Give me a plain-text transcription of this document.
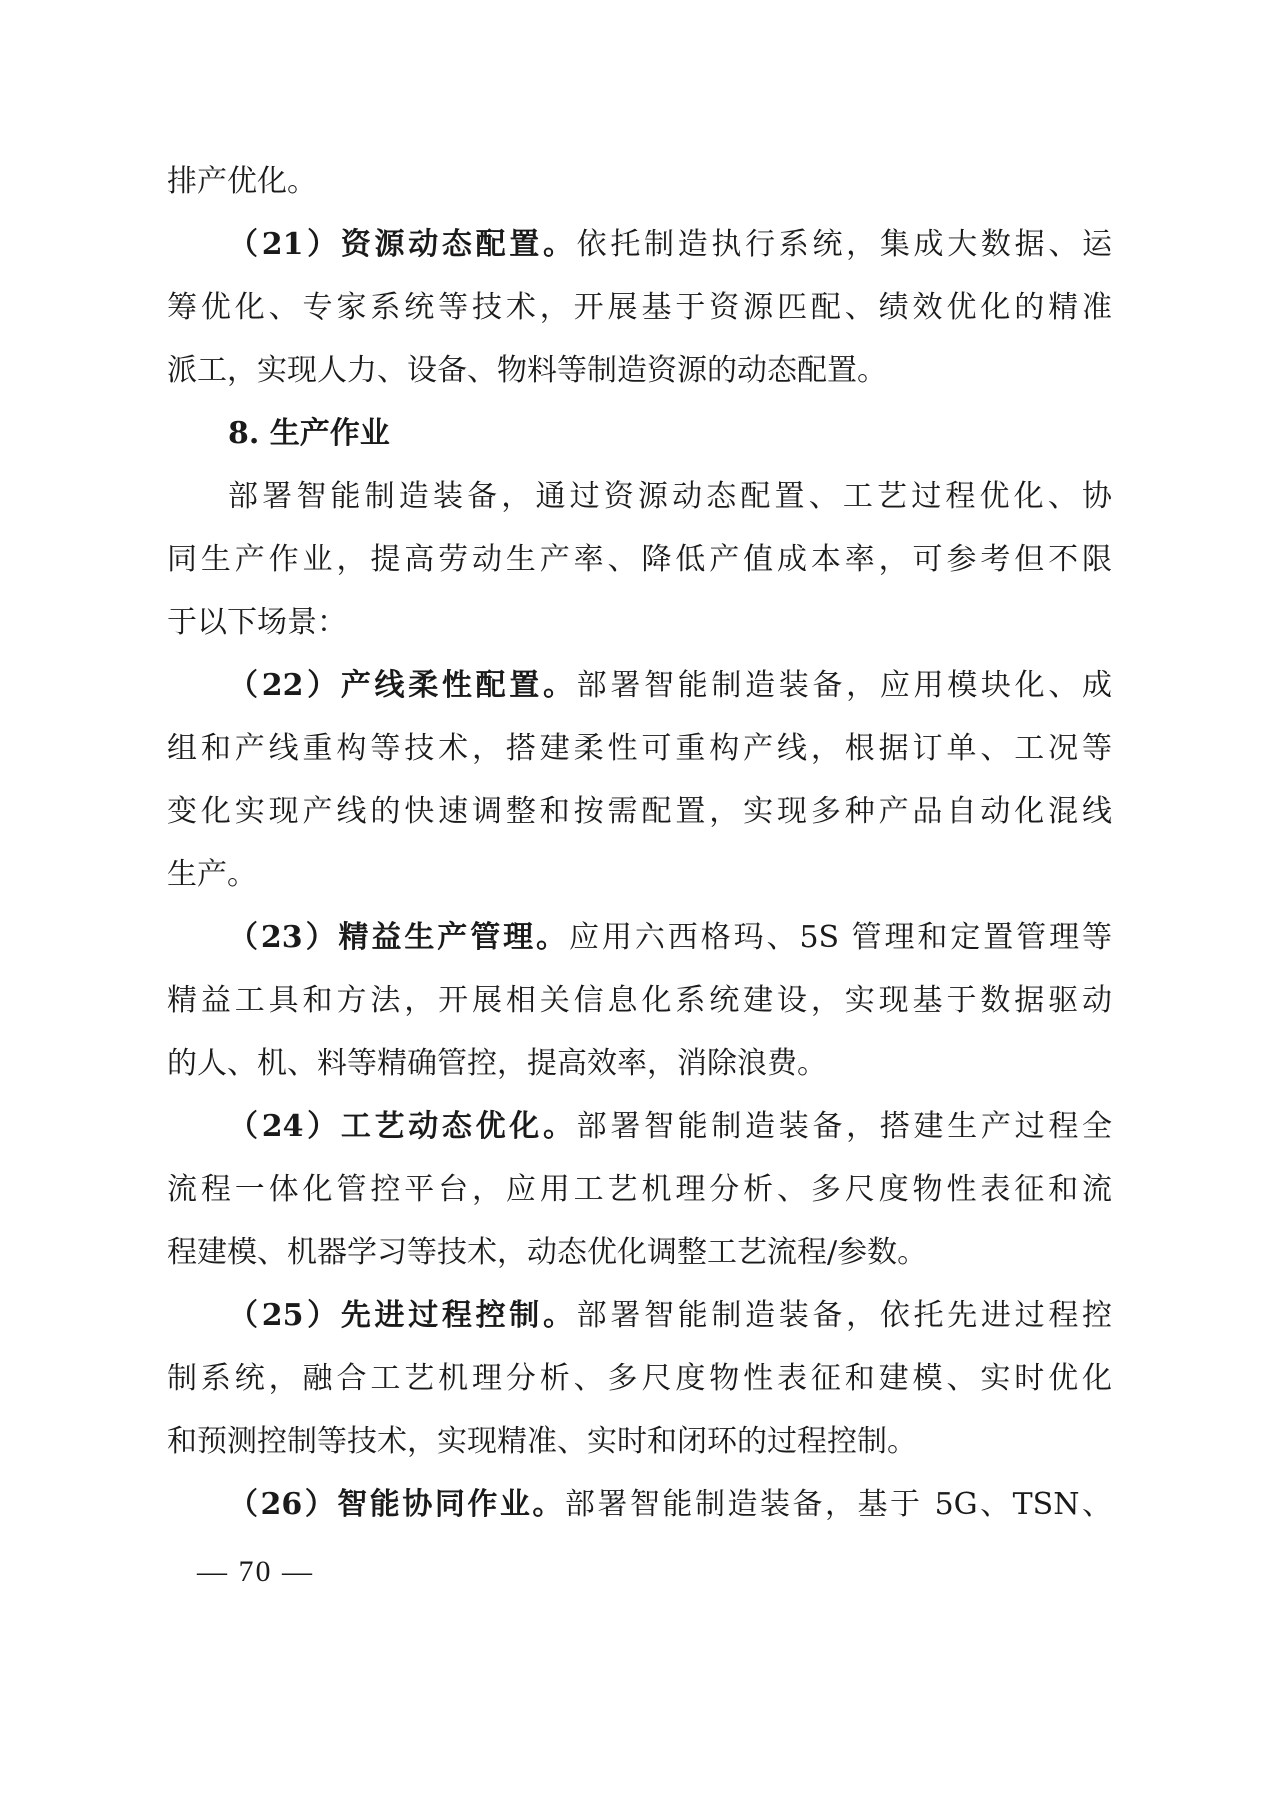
排产优化。
（21）资源动态配置。依托制造执行系统，集成大数据、运
筹优化、专家系统等技术，开展基于资源匹配、绩效优化的精准
派工，实现人力、设备、物料等制造资源的动态配置。
8. 生产作业
部署智能制造装备，通过资源动态配置、工艺过程优化、协
同生产作业，提高劳动生产率、降低产值成本率，可参考但不限
于以下场景：
（22）产线柔性配置。部署智能制造装备，应用模块化、成
组和产线重构等技术，搭建柔性可重构产线，根据订单、工况等
变化实现产线的快速调整和按需配置，实现多种产品自动化混线
生产。
（23）精益生产管理。应用六西格玛、5S 管理和定置管理等
精益工具和方法，开展相关信息化系统建设，实现基于数据驱动
的人、机、料等精确管控，提高效率，消除浪费。
（24）工艺动态优化。部署智能制造装备，搭建生产过程全
流程一体化管控平台，应用工艺机理分析、多尺度物性表征和流
程建模、机器学习等技术，动态优化调整工艺流程/参数。
（25）先进过程控制。部署智能制造装备，依托先进过程控
制系统，融合工艺机理分析、多尺度物性表征和建模、实时优化
和预测控制等技术，实现精准、实时和闭环的过程控制。
（26）智能协同作业。部署智能制造装备，基于 5G、TSN、
— 70 —
